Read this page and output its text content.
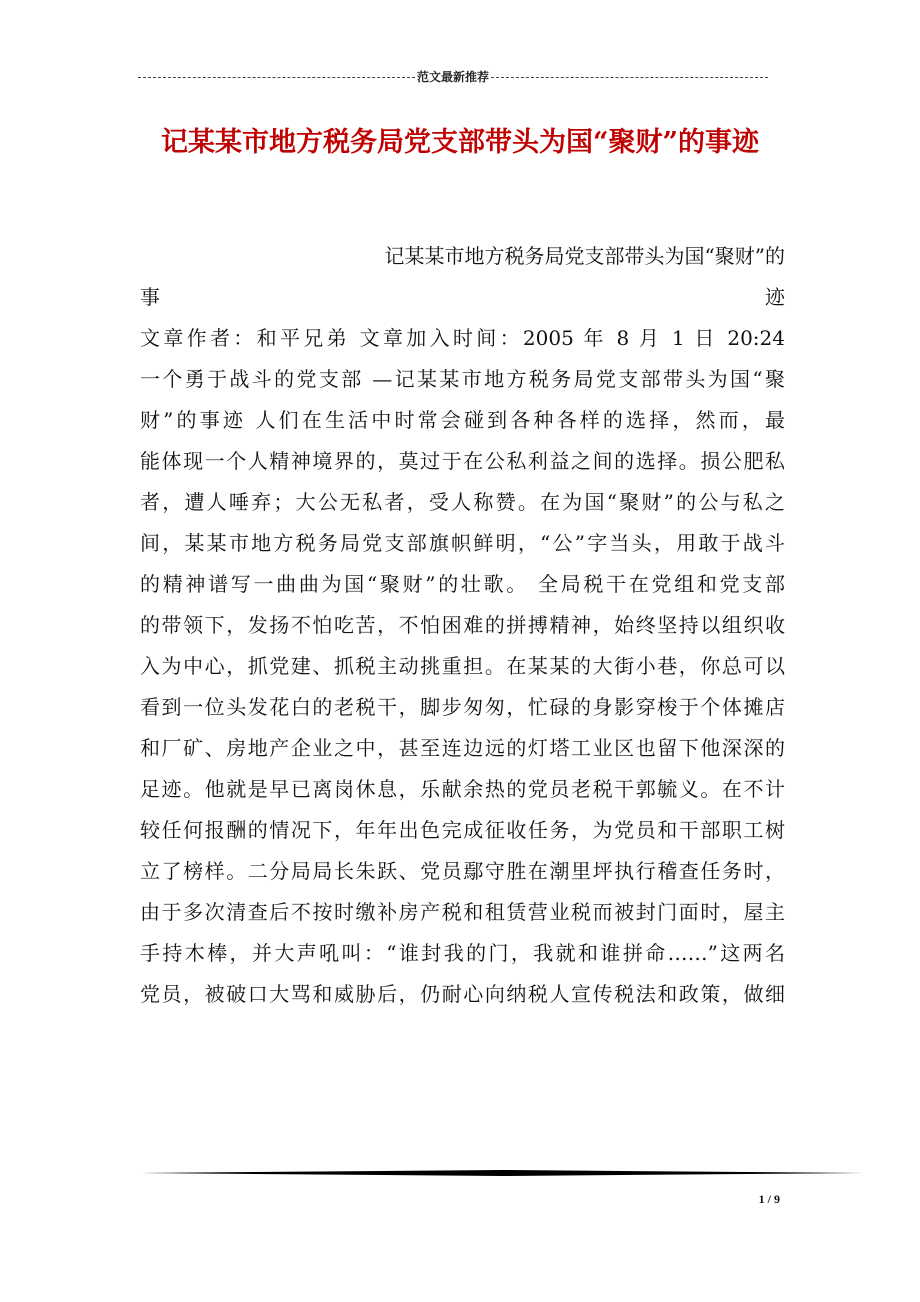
范文最新推荐
记某某市地方税务局党支部带头为国“聚财”的事迹
记某某市地方税务局党支部带头为国“聚财”的
事	迹
文章作者：和平兄弟 文章加入时间：2005 年 8 月 1 日 20:24
一个勇于战斗的党支部 —记某某市地方税务局党支部带头为国“聚
财”的事迹 人们在生活中时常会碰到各种各样的选择，然而，最
能体现一个人精神境界的，莫过于在公私利益之间的选择。损公肥私
者，遭人唾弃；大公无私者，受人称赞。在为国“聚财”的公与私之
间，某某市地方税务局党支部旗帜鲜明，“公”字当头，用敢于战斗
的精神谱写一曲曲为国“聚财”的壮歌。 全局税干在党组和党支部
的带领下，发扬不怕吃苦，不怕困难的拼搏精神，始终坚持以组织收
入为中心，抓党建、抓税主动挑重担。在某某的大街小巷，你总可以
看到一位头发花白的老税干，脚步匆匆，忙碌的身影穿梭于个体摊店
和厂矿、房地产企业之中，甚至连边远的灯塔工业区也留下他深深的
足迹。他就是早已离岗休息，乐献余热的党员老税干郭毓义。在不计
较任何报酬的情况下，年年出色完成征收任务，为党员和干部职工树
立了榜样。二分局局长朱跃、党员鄢守胜在潮里坪执行稽查任务时，
由于多次清查后不按时缴补房产税和租赁营业税而被封门面时，屋主
手持木棒，并大声吼叫：“谁封我的门，我就和谁拼命……”这两名
党员，被破口大骂和威胁后，仍耐心向纳税人宣传税法和政策，做细
1 / 9
